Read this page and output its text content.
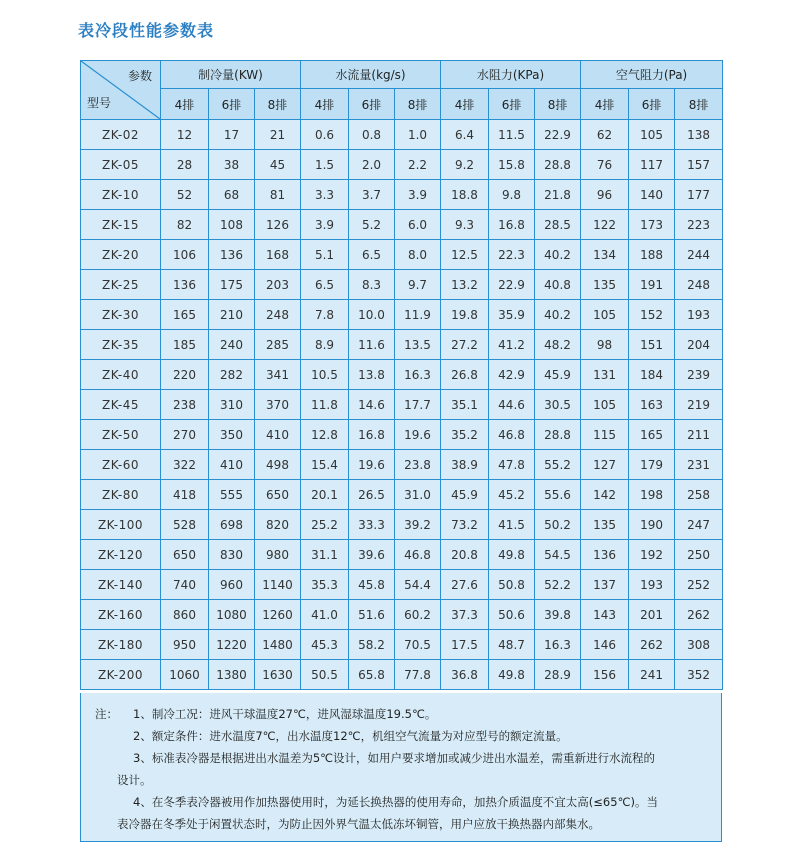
表冷段性能参数表
参数
型号	制冷量(KW)			水流量(kg/s)			水阻力(KPa)			空气阻力(Pa)		
	4排	6排	8排	4排	6排	8排	4排	6排	8排	4排	6排	8排
ZK-02	12	17	21	0.6	0.8	1.0	6.4	11.5	22.9	62	105	138
ZK-05	28	38	45	1.5	2.0	2.2	9.2	15.8	28.8	76	117	157
ZK-10	52	68	81	3.3	3.7	3.9	18.8	9.8	21.8	96	140	177
ZK-15	82	108	126	3.9	5.2	6.0	9.3	16.8	28.5	122	173	223
ZK-20	106	136	168	5.1	6.5	8.0	12.5	22.3	40.2	134	188	244
ZK-25	136	175	203	6.5	8.3	9.7	13.2	22.9	40.8	135	191	248
ZK-30	165	210	248	7.8	10.0	11.9	19.8	35.9	40.2	105	152	193
ZK-35	185	240	285	8.9	11.6	13.5	27.2	41.2	48.2	98	151	204
ZK-40	220	282	341	10.5	13.8	16.3	26.8	42.9	45.9	131	184	239
ZK-45	238	310	370	11.8	14.6	17.7	35.1	44.6	30.5	105	163	219
ZK-50	270	350	410	12.8	16.8	19.6	35.2	46.8	28.8	115	165	211
ZK-60	322	410	498	15.4	19.6	23.8	38.9	47.8	55.2	127	179	231
ZK-80	418	555	650	20.1	26.5	31.0	45.9	45.2	55.6	142	198	258
ZK-100	528	698	820	25.2	33.3	39.2	73.2	41.5	50.2	135	190	247
ZK-120	650	830	980	31.1	39.6	46.8	20.8	49.8	54.5	136	192	250
ZK-140	740	960	1140	35.3	45.8	54.4	27.6	50.8	52.2	137	193	252
ZK-160	860	1080	1260	41.0	51.6	60.2	37.3	50.6	39.8	143	201	262
ZK-180	950	1220	1480	45.3	58.2	70.5	17.5	48.7	16.3	146	262	308
ZK-200	1060	1380	1630	50.5	65.8	77.8	36.8	49.8	28.9	156	241	352
注： 1、制冷工况：进风干球温度27℃，进风湿球温度19.5℃。

2、额定条件：进水温度7℃，出水温度12℃，机组空气流量为对应型号的额定流量。

3、标准表冷器是根据进出水温差为5℃设计，如用户要求增加或减少进出水温差，需重新进行水流程的

设计。

4、在冬季表冷器被用作加热器使用时，为延长换热器的使用寿命，加热介质温度不宜太高(≤65℃)。当

表冷器在冬季处于闲置状态时，为防止因外界气温太低冻坏铜管，用户应放干换热器内部集水。
